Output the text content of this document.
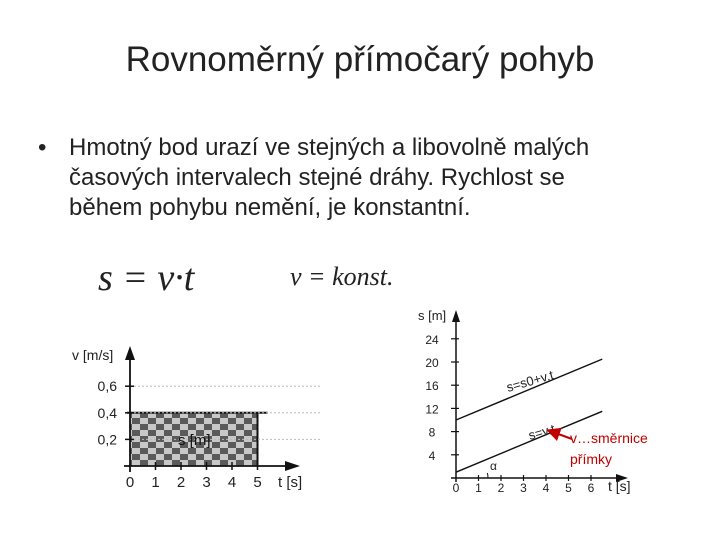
Rovnoměrný přímočarý pohyb
• Hmotný bod urazí ve stejných a libovolně malých
časových intervalech stejné dráhy. Rychlost se
během pohybu nemění, je konstantní.
s = v·t	v = konst.
0,2
0,4
0,6
0 1 2 3 4 5
v [m/s]
t [s]
s [m]
4
8
12
16
20
24
0 1 2 3 4 5 6
s [m]
t [s]
s=s0+v.t
s=v.t
α
v…směrnice
přímky
